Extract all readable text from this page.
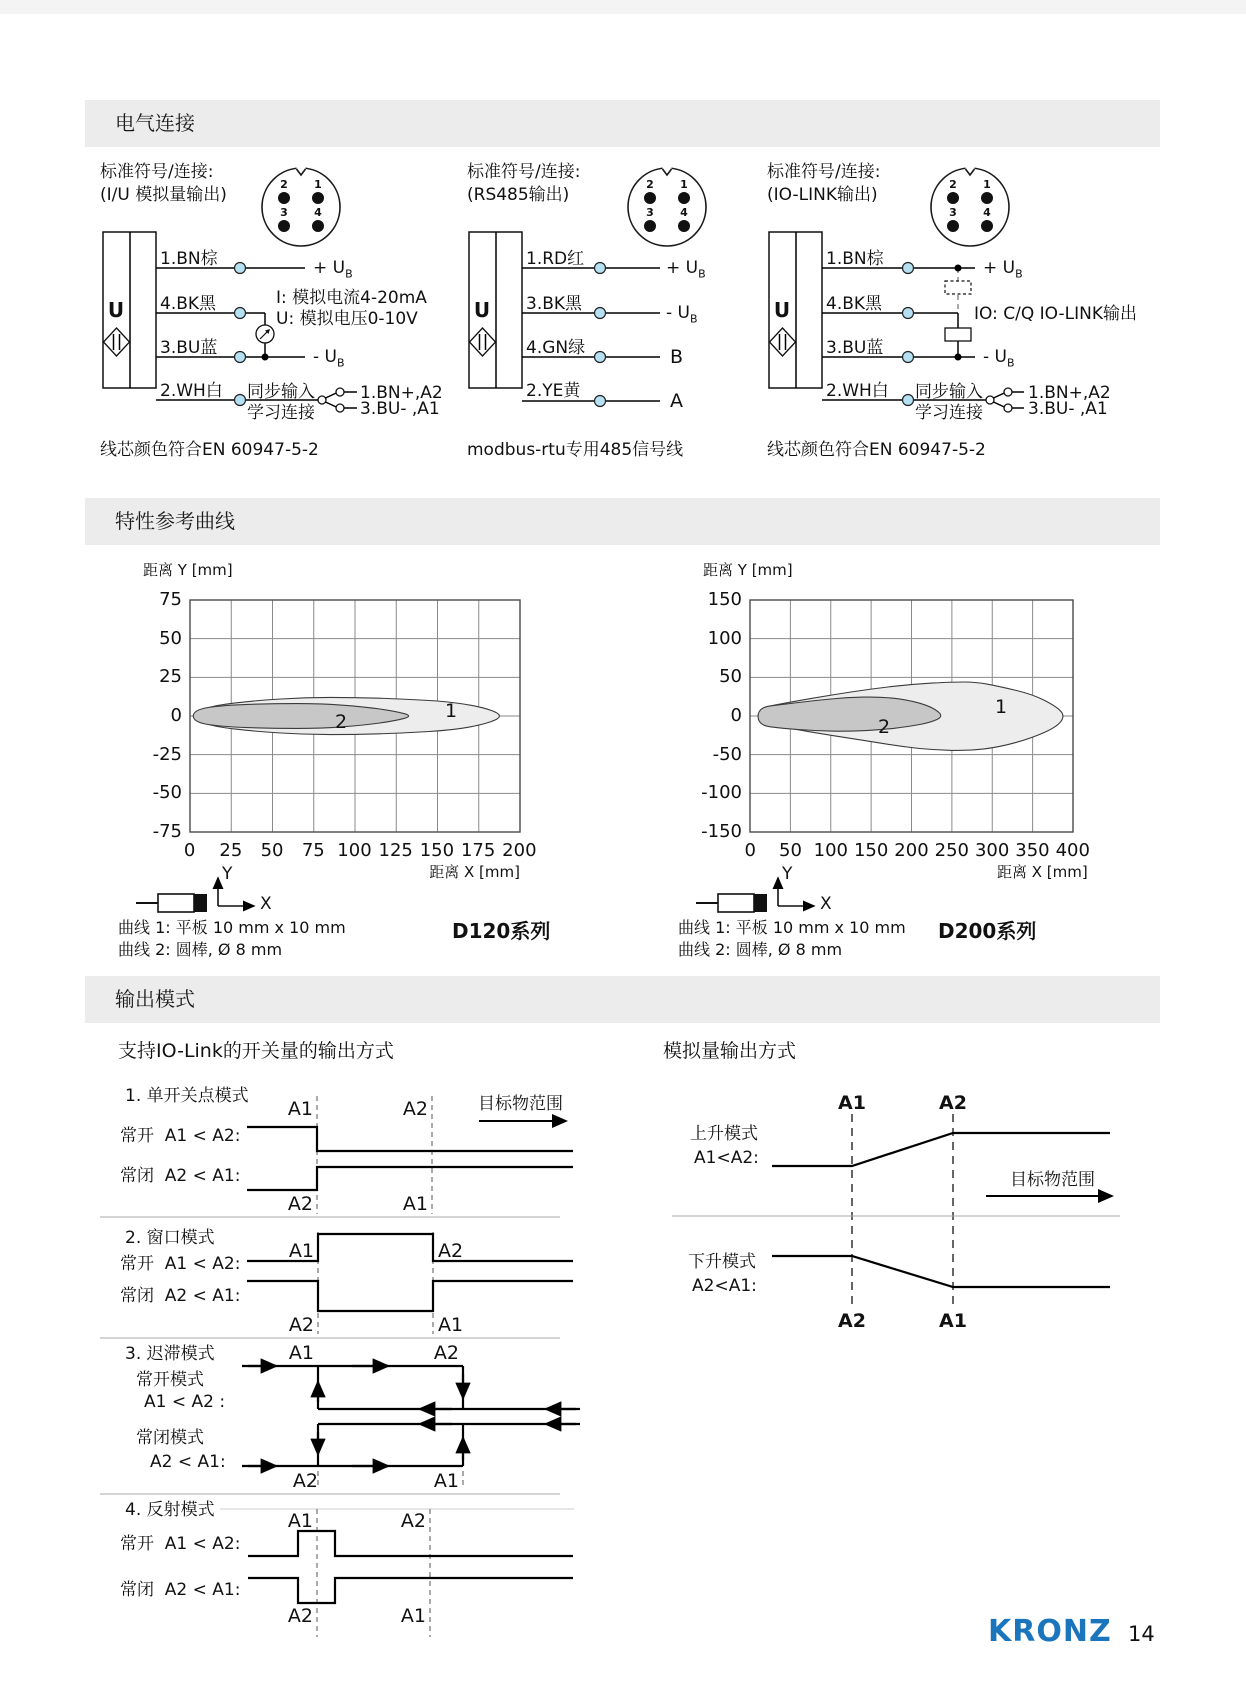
电气连接
特性参考曲线
输出模式
标准符号/连接:
(I/U 模拟量输出)
标准符号/连接:
(RS485输出)
标准符号/连接:
(IO-LINK输出)
2	1
3	4
2	1
3	4
2	1
3	4
U	U	U
1.BN棕
4.BK黑
3.BU蓝
2.WH白
+ $U_B$
I: 模拟电流4-20mA
U: 模拟电压0-10V
- $U_B$
同步输入
学习连接
1.BN+,A2
3.BU- ,A1
线芯颜色符合EN 60947-5-2
1.RD红
3.BK黑
4.GN绿
2.YE黄
+ $U_B$
- $U_B$
B
A
modbus-rtu专用485信号线
1.BN棕
4.BK黑
3.BU蓝
2.WH白
+ $U_B$
IO: C/Q IO-LINK输出
- $U_B$
同步输入
学习连接
1.BN+,A2
3.BU- ,A1
线芯颜色符合EN 60947-5-2
距离 Y [mm]	距离 Y [mm]
75
50
25
0
-25
-50
-75
150
100
50
0
-50
-100
-150
0	25	50	75 100 125 150 175 200	0	50 100 150 200 250 300 350 400
距离 X [mm]	距离 X [mm]
1
2
1
2
Y
X
Y
X
曲线 1: 平板 10 mm x 10 mm
曲线 2: 圆棒, Ø 8 mm
D120系列	曲线 1: 平板 10 mm x 10 mm
曲线 2: 圆棒, Ø 8 mm
D200系列
支持IO-Link的开关量的输出方式	模拟量输出方式
1. 单开关点模式
A1	A2	目标物范围
常开  A1 < A2:
常闭  A2 < A1:
A2	A1
2. 窗口模式
A1	A2
常开  A1 < A2:
常闭  A2 < A1:
A2	A1
3. 迟滞模式	A1	A2
常开模式
A1 < A2 :
常闭模式
A2 < A1:
A2	A1
4. 反射模式	A1	A2
常开  A1 < A2:
常闭  A2 < A1:
A2	A1
A1	A2
上升模式
A1<A2:
目标物范围
下升模式
A2<A1:
A2	A1
KRONZ 14
